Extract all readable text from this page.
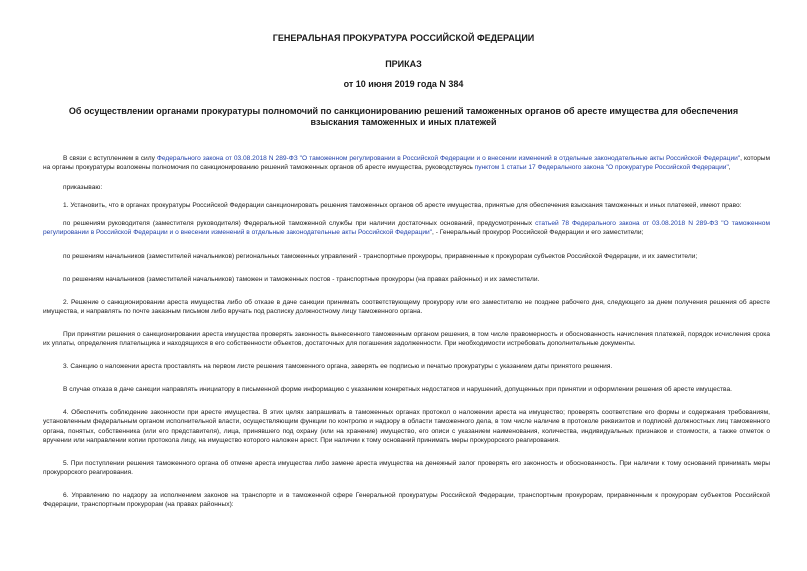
ГЕНЕРАЛЬНАЯ ПРОКУРАТУРА РОССИЙСКОЙ ФЕДЕРАЦИИ
ПРИКАЗ
от 10 июня 2019 года N 384
Об осуществлении органами прокуратуры полномочий по санкционированию решений таможенных органов об аресте имущества для обеспечения взыскания таможенных и иных платежей

В связи с вступлением в силу Федерального закона от 03.08.2018 N 289-ФЗ "О таможенном регулировании в Российской Федерации и о внесении изменений в отдельные законодательные акты Российской Федерации", которым на органы прокуратуры возложены полномочия по санкционированию решений таможенных органов об аресте имущества, руководствуясь пунктом 1 статьи 17 Федерального закона "О прокуратуре Российской Федерации",

приказываю:

1. Установить, что в органах прокуратуры Российской Федерации санкционировать решения таможенных органов об аресте имущества, принятые для обеспечения взыскания таможенных и иных платежей, имеют право:

по решениям руководителя (заместителя руководителя) Федеральной таможенной службы при наличии достаточных оснований, предусмотренных статьей 78 Федерального закона от 03.08.2018 N 289-ФЗ "О таможенном регулировании в Российской Федерации и о внесении изменений в отдельные законодательные акты Российской Федерации", - Генеральный прокурор Российской Федерации и его заместители;

по решениям начальников (заместителей начальников) региональных таможенных управлений - транспортные прокуроры, приравненные к прокурорам субъектов Российской Федерации, и их заместители;

по решениям начальников (заместителей начальников) таможен и таможенных постов - транспортные прокуроры (на правах районных) и их заместители.

2. Решение о санкционировании ареста имущества либо об отказе в даче санкции принимать соответствующему прокурору или его заместителю не позднее рабочего дня, следующего за днем получения решения об аресте имущества, и направлять по почте заказным письмом либо вручать под расписку должностному лицу таможенного органа.

При принятии решения о санкционировании ареста имущества проверять законность вынесенного таможенным органом решения, в том числе правомерность и обоснованность начисления платежей, порядок исчисления срока их уплаты, определения плательщика и находящихся в его собственности объектов, достаточных для погашения задолженности. При необходимости истребовать дополнительные документы.

3. Санкцию о наложении ареста проставлять на первом листе решения таможенного органа, заверять ее подписью и печатью прокуратуры с указанием даты принятого решения.

В случае отказа в даче санкции направлять инициатору в письменной форме информацию с указанием конкретных недостатков и нарушений, допущенных при принятии и оформлении решения об аресте имущества.

4. Обеспечить соблюдение законности при аресте имущества. В этих целях запрашивать в таможенных органах протокол о наложении ареста на имущество; проверять соответствие его формы и содержания требованиям, установленным федеральным органом исполнительной власти, осуществляющим функции по контролю и надзору в области таможенного дела, в том числе наличие в протоколе реквизитов и подписей должностных лиц таможенного органа, понятых, собственника (или его представителя), лица, принявшего под охрану (или на хранение) имущество, его описи с указанием наименования, количества, индивидуальных признаков и стоимости, а также отметок о вручении или направлении копии протокола лицу, на имущество которого наложен арест. При наличии к тому оснований принимать меры прокурорского реагирования.

5. При поступлении решения таможенного органа об отмене ареста имущества либо замене ареста имущества на денежный залог проверять его законность и обоснованность. При наличии к тому оснований принимать меры прокурорского реагирования.

6. Управлению по надзору за исполнением законов на транспорте и в таможенной сфере Генеральной прокуратуры Российской Федерации, транспортным прокурорам, приравненным к прокурорам субъектов Российской Федерации, транспортным прокурорам (на правах районных):
